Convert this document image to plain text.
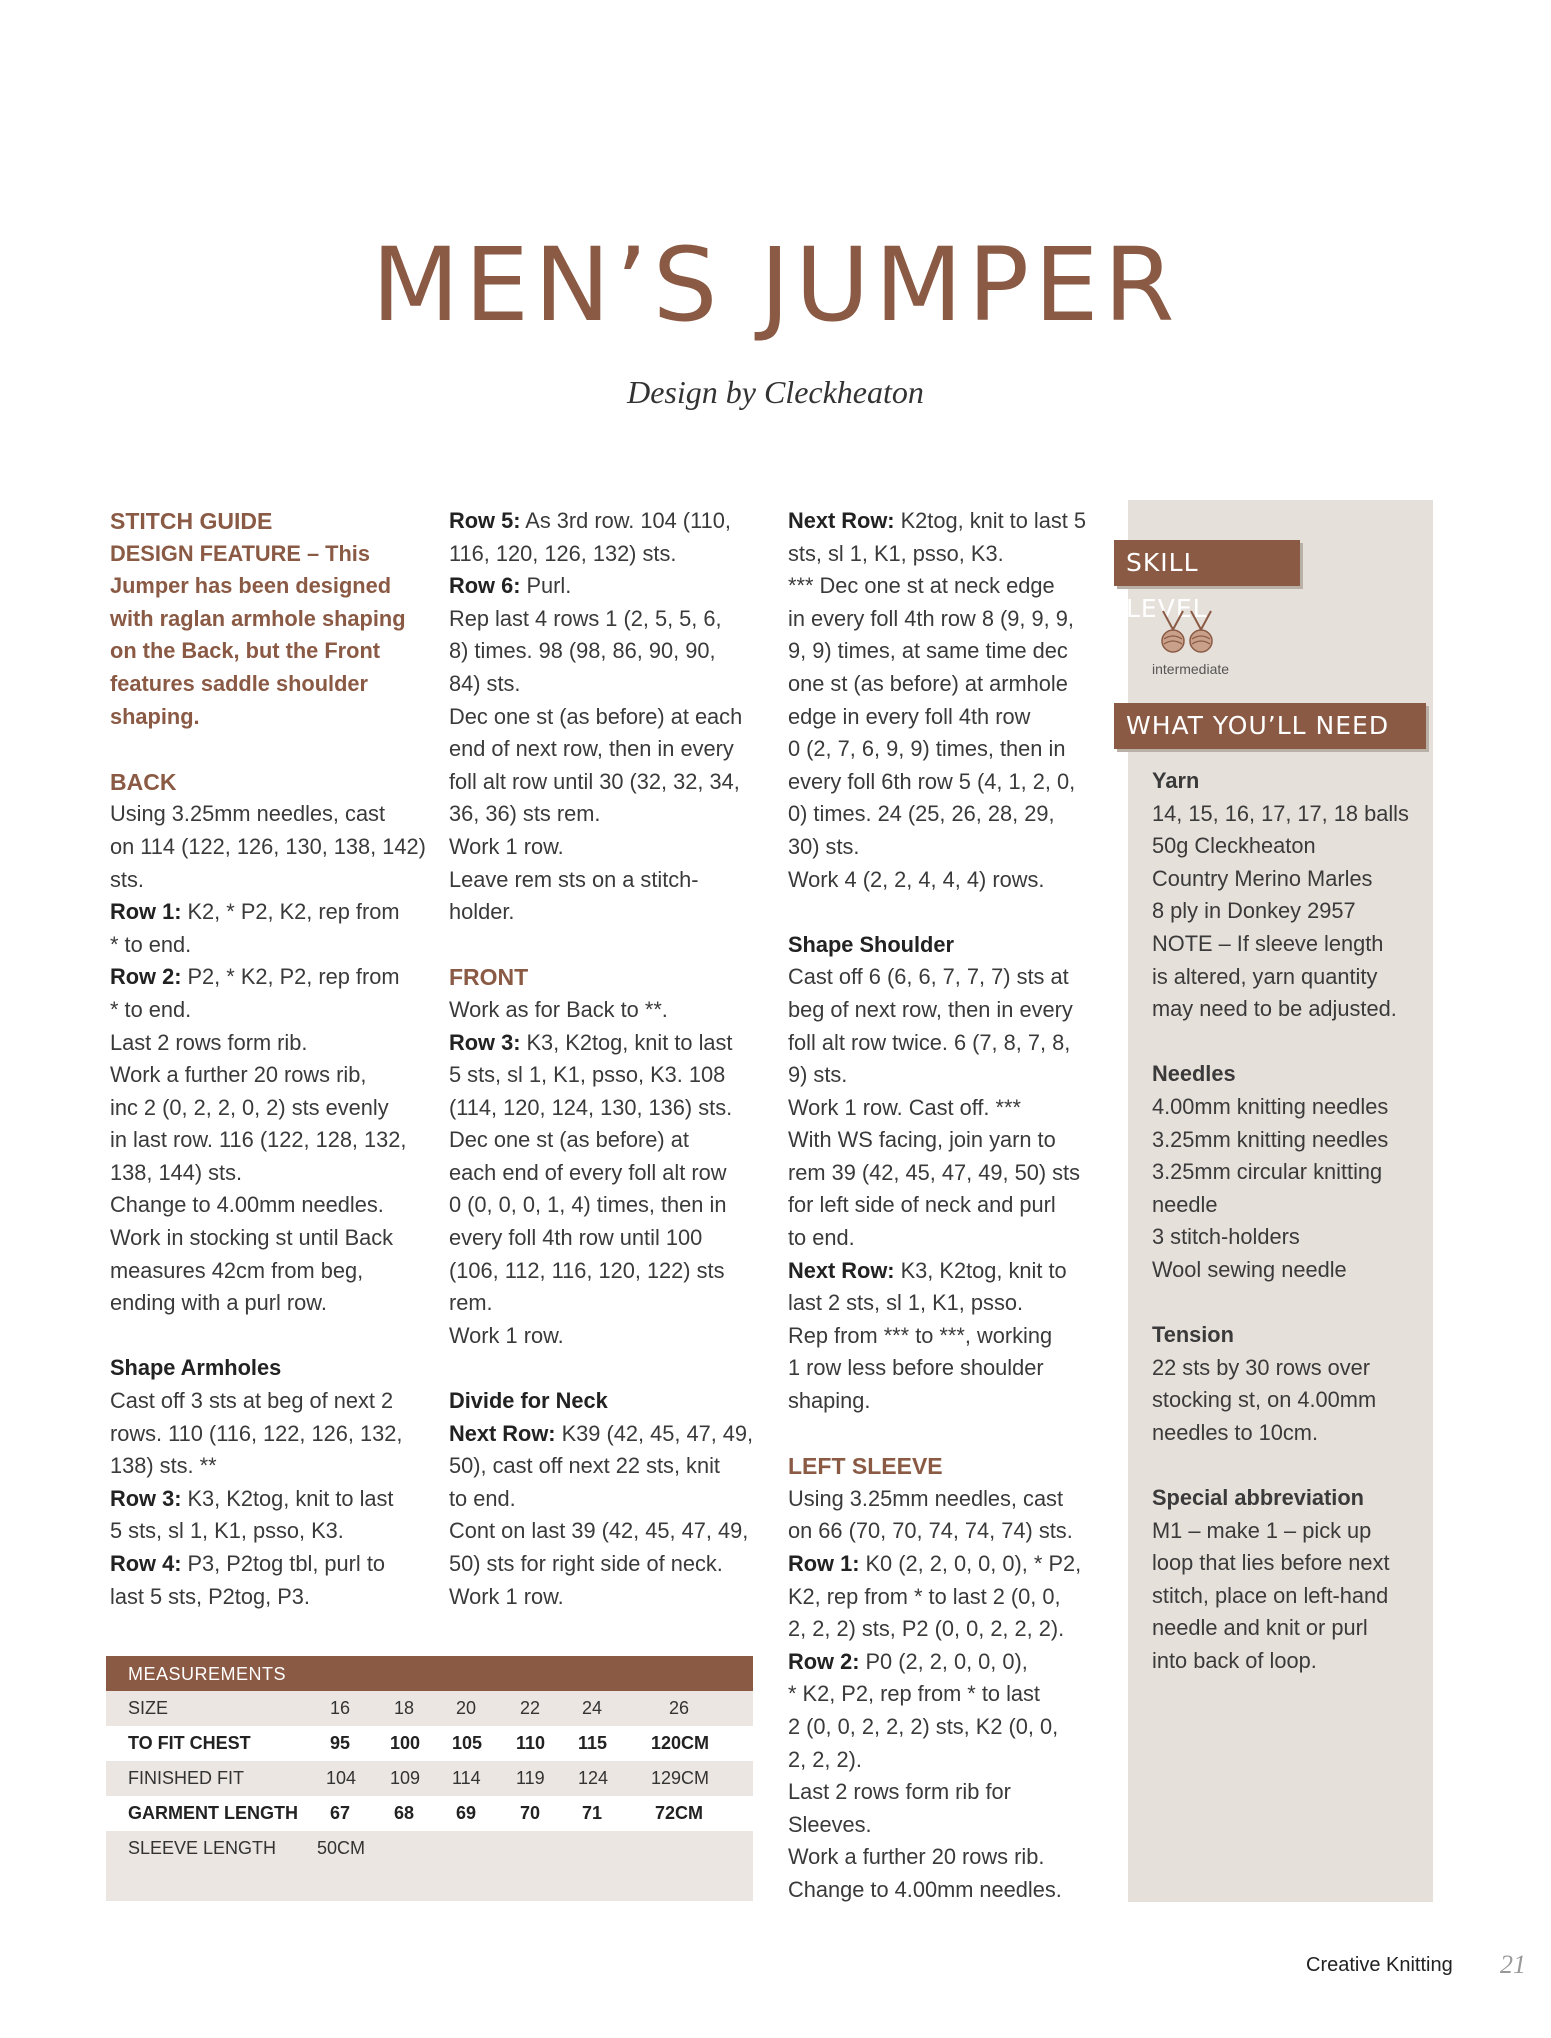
MEN’S JUMPER
Design by Cleckheaton

STITCH GUIDE

DESIGN FEATURE – This

Jumper has been designed

with raglan armhole shaping

on the Back, but the Front

features saddle shoulder

shaping.

BACK

Using 3.25mm needles, cast

on 114 (122, 126, 130, 138, 142)

sts.

Row 1: K2, * P2, K2, rep from

* to end.

Row 2: P2, * K2, P2, rep from

* to end.

Last 2 rows form rib.

Work a further 20 rows rib,

inc 2 (0, 2, 2, 0, 2) sts evenly

in last row. 116 (122, 128, 132,

138, 144) sts.

Change to 4.00mm needles.

Work in stocking st until Back

measures 42cm from beg,

ending with a purl row.

Shape Armholes

Cast off 3 sts at beg of next 2

rows. 110 (116, 122, 126, 132,

138) sts. **

Row 3: K3, K2tog, knit to last

5 sts, sl 1, K1, psso, K3.

Row 4: P3, P2tog tbl, purl to

last 5 sts, P2tog, P3.

Row 5: As 3rd row. 104 (110,

116, 120, 126, 132) sts.

Row 6: Purl.

Rep last 4 rows 1 (2, 5, 5, 6,

8) times. 98 (98, 86, 90, 90,

84) sts.

Dec one st (as before) at each

end of next row, then in every

foll alt row until 30 (32, 32, 34,

36, 36) sts rem.

Work 1 row.

Leave rem sts on a stitch-

holder.

FRONT

Work as for Back to **.

Row 3: K3, K2tog, knit to last

5 sts, sl 1, K1, psso, K3. 108

(114, 120, 124, 130, 136) sts.

Dec one st (as before) at

each end of every foll alt row

0 (0, 0, 0, 1, 4) times, then in

every foll 4th row until 100

(106, 112, 116, 120, 122) sts

rem.

Work 1 row.

Divide for Neck

Next Row: K39 (42, 45, 47, 49,

50), cast off next 22 sts, knit

to end.

Cont on last 39 (42, 45, 47, 49,

50) sts for right side of neck.

Work 1 row.

Next Row: K2tog, knit to last 5

sts, sl 1, K1, psso, K3.

*** Dec one st at neck edge

in every foll 4th row 8 (9, 9, 9,

9, 9) times, at same time dec

one st (as before) at armhole

edge in every foll 4th row

0 (2, 7, 6, 9, 9) times, then in

every foll 6th row 5 (4, 1, 2, 0,

0) times. 24 (25, 26, 28, 29,

30) sts.

Work 4 (2, 2, 4, 4, 4) rows.

Shape Shoulder

Cast off 6 (6, 6, 7, 7, 7) sts at

beg of next row, then in every

foll alt row twice. 6 (7, 8, 7, 8,

9) sts.

Work 1 row. Cast off. ***

With WS facing, join yarn to

rem 39 (42, 45, 47, 49, 50) sts

for left side of neck and purl

to end.

Next Row: K3, K2tog, knit to

last 2 sts, sl 1, K1, psso.

Rep from *** to ***, working

1 row less before shoulder

shaping.

LEFT SLEEVE

Using 3.25mm needles, cast

on 66 (70, 70, 74, 74, 74) sts.

Row 1: K0 (2, 2, 0, 0, 0), * P2,

K2, rep from * to last 2 (0, 0,

2, 2, 2) sts, P2 (0, 0, 2, 2, 2).

Row 2: P0 (2, 2, 0, 0, 0),

* K2, P2, rep from * to last

2 (0, 0, 2, 2, 2) sts, K2 (0, 0,

2, 2, 2).

Last 2 rows form rib for

Sleeves.

Work a further 20 rows rib.

Change to 4.00mm needles.

SKILL LEVEL
intermediate
WHAT YOU’LL NEED

Yarn

14, 15, 16, 17, 17, 18 balls

50g Cleckheaton

Country Merino Marles

8 ply in Donkey 2957

NOTE – If sleeve length

is altered, yarn quantity

may need to be adjusted.

Needles

4.00mm knitting needles

3.25mm knitting needles

3.25mm circular knitting

needle

3 stitch-holders

Wool sewing needle

Tension

22 sts by 30 rows over

stocking st, on 4.00mm

needles to 10cm.

Special abbreviation

M1 – make 1 – pick up

loop that lies before next

stitch, place on left-hand

needle and knit or purl

into back of loop.

MEASUREMENTS
SIZE	16 18 20 22 24	26
TO FIT CHEST	95 100 105 110 115 120CM
FINISHED FIT	104 109 114 119 124 129CM
GARMENT LENGTH 67 68 69 70 71	72CM
SLEEVE LENGTH 50CM
Creative Knitting 21
